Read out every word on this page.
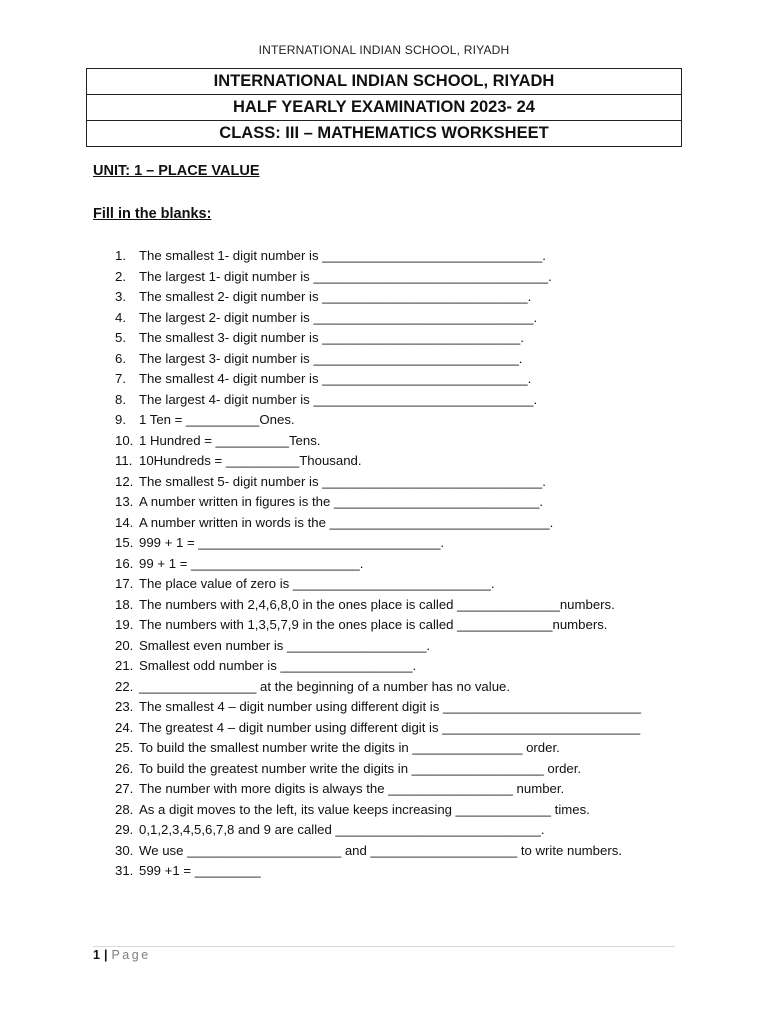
INTERNATIONAL INDIAN SCHOOL, RIYADH
INTERNATIONAL INDIAN SCHOOL, RIYADH
HALF YEARLY EXAMINATION 2023- 24
CLASS: III – MATHEMATICS WORKSHEET
UNIT: 1 – PLACE VALUE
Fill in the blanks:
1. The smallest 1- digit number is ______________________________.
2. The largest 1- digit number is ________________________________.
3. The smallest 2- digit number is ____________________________.
4. The largest 2- digit number is ______________________________.
5. The smallest 3- digit number is ___________________________.
6. The largest 3- digit number is ____________________________.
7. The smallest 4- digit number is ____________________________.
8. The largest 4- digit number is ______________________________.
9. 1 Ten = __________Ones.
10. 1 Hundred = __________Tens.
11. 10Hundreds = __________Thousand.
12. The smallest 5- digit number is ______________________________.
13. A number written in figures is the ____________________________.
14. A number written in words is the ______________________________.
15. 999 + 1 = _________________________________.
16. 99 + 1 = _______________________.
17. The place value of zero is ___________________________.
18. The numbers with 2,4,6,8,0 in the ones place is called ______________numbers.
19. The numbers with 1,3,5,7,9 in the ones place is called _____________numbers.
20. Smallest even number is ___________________.
21. Smallest odd number is __________________.
22. ________________ at the beginning of a number has no value.
23. The smallest 4 – digit number using different digit is ___________________________
24. The greatest 4 – digit number using different digit is ___________________________
25. To build the smallest number write the digits in _______________ order.
26. To build the greatest number write the digits in __________________ order.
27. The number with more digits is always the _________________ number.
28. As a digit moves to the left, its value keeps increasing _____________ times.
29. 0,1,2,3,4,5,6,7,8 and 9 are called ____________________________.
30. We use _____________________ and ____________________ to write numbers.
31. 599 +1 = _________
1 | Page
